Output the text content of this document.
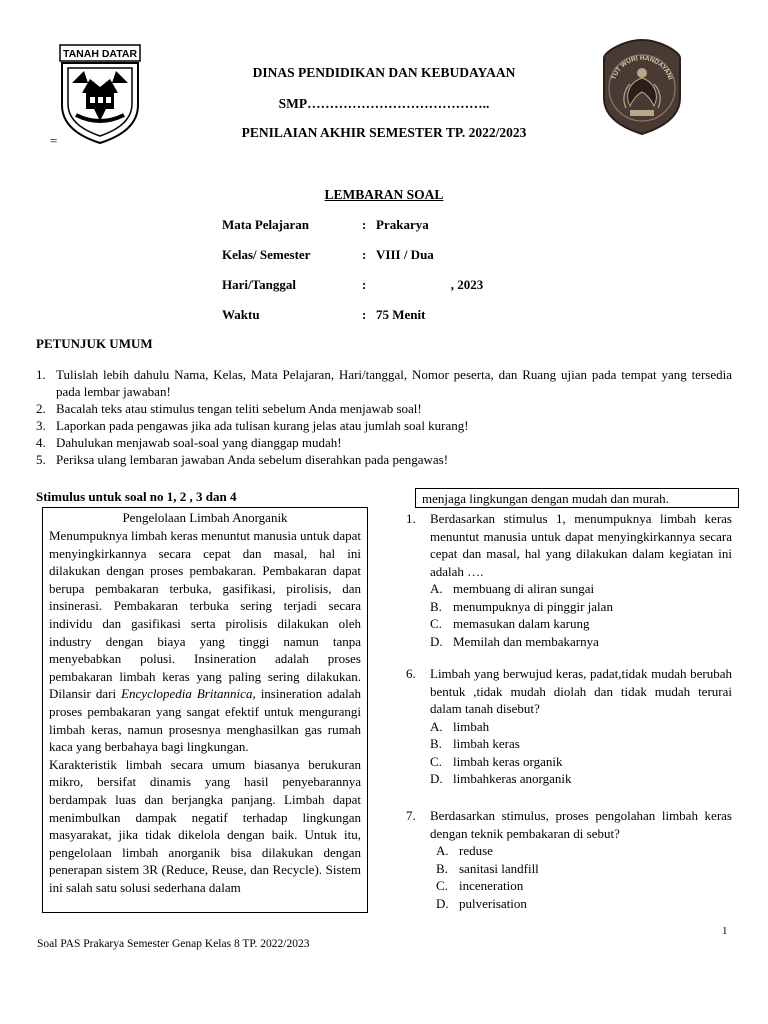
TANAH DATAR
=
DINAS PENDIDIKAN DAN KEBUDAYAAN
SMP…………………………………..
PENILAIAN AKHIR SEMESTER TP. 2022/2023
TUT WURI HANDAYANI
LEMBARAN SOAL
Mata Pelajaran	: Prakarya
Kelas/ Semester	: VIII / Dua
Hari/Tanggal	:                       , 2023
Waktu	: 75 Menit
PETUNJUK UMUM
1. Tulislah lebih dahulu Nama, Kelas, Mata Pelajaran, Hari/tanggal, Nomor peserta, dan Ruang ujian pada tempat yang tersedia pada lembar jawaban!
2. Bacalah teks atau stimulus tengan teliti sebelum Anda menjawab soal!
3. Laporkan pada pengawas jika ada tulisan kurang jelas atau jumlah soal kurang!
4. Dahulukan menjawab soal-soal yang dianggap mudah!
5. Periksa ulang lembaran jawaban Anda sebelum diserahkan pada pengawas!
Stimulus untuk soal no 1, 2 , 3 dan 4
Pengelolaan Limbah Anorganik

Menumpuknya limbah keras menuntut manusia untuk dapat menyingkirkannya secara cepat dan masal, hal ini dilakukan dengan proses pembakaran. Pembakaran dapat berupa pembakaran terbuka, gasifikasi, pirolisis, dan insinerasi. Pembakaran terbuka sering terjadi secara individu dan gasifikasi serta pirolisis dilakukan oleh industry dengan biaya yang tinggi namun tanpa menyebabkan polusi. Insineration adalah proses pembakaran limbah keras yang paling sering dilakukan. Dilansir dari Encyclopedia Britannica, insineration adalah proses pembakaran yang sangat efektif untuk mengurangi limbah keras, namun prosesnya menghasilkan gas rumah kaca yang berbahaya bagi lingkungan.

Karakteristik limbah secara umum biasanya berukuran mikro, bersifat dinamis yang hasil penyebarannya berdampak luas dan berjangka panjang. Limbah dapat menimbulkan dampak negatif terhadap lingkungan masyarakat, jika tidak dikelola dengan baik. Untuk itu, pengelolaan limbah anorganik bisa dilakukan dengan penerapan sistem 3R (Reduce, Reuse, dan Recycle). Sistem ini salah satu solusi sederhana dalam

menjaga lingkungan dengan mudah dan murah.
1. Berdasarkan stimulus 1, menumpuknya limbah keras menuntut manusia untuk dapat menyingkirkannya secara cepat dan masal, hal yang dilakukan dalam kegiatan ini adalah ….
A. membuang di aliran sungai
B. menumpuknya di pinggir jalan
C. memasukan dalam karung
D. Memilah dan membakarnya
6. Limbah yang berwujud keras, padat,tidak mudah berubah bentuk ,tidak mudah diolah dan tidak mudah terurai dalam tanah disebut?
A. limbah
B. limbah keras
C. limbah keras organik
D. limbahkeras anorganik
7. Berdasarkan stimulus, proses pengolahan limbah keras dengan teknik pembakaran di sebut?
A. reduse
B. sanitasi landfill
C. inceneration
D. pulverisation
1
Soal PAS Prakarya Semester Genap Kelas 8 TP. 2022/2023
